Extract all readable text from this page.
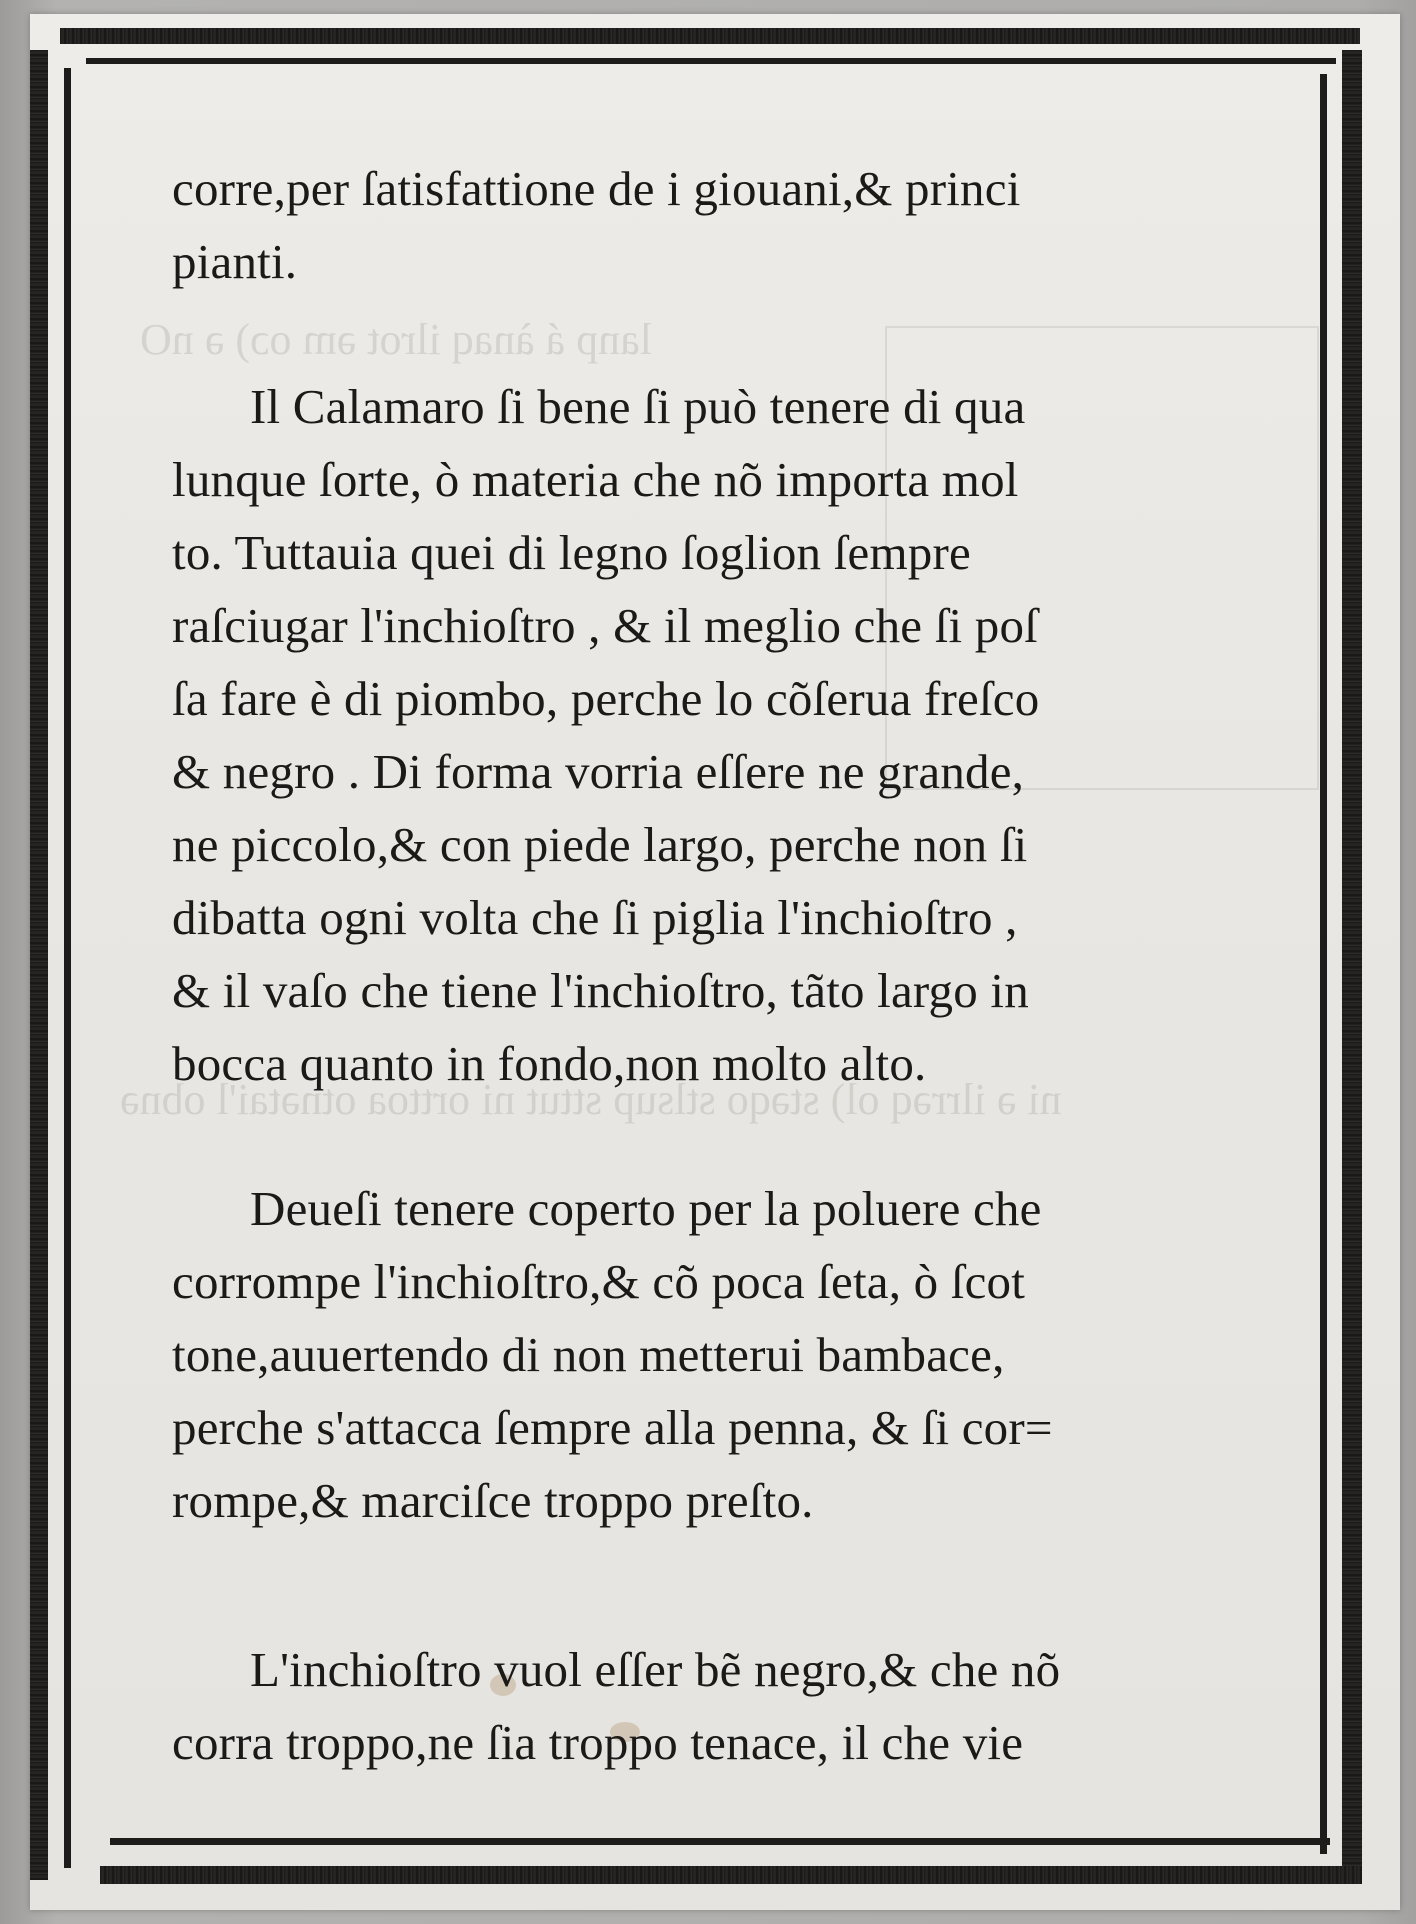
lanp á ànaq ilrot əm oɔ) ə nO
ni ə ilrrəq ol) stəqo stlsup sttut ni orttoa otnətai'l obnə
corre,per ſatisfattione de i giouani,& princi
pianti.
Il Calamaro ſi bene ſi può tenere di qua
lunque ſorte, ò materia che nõ importa mol
to. Tuttauia quei di legno ſoglion ſempre
raſciugar l'inchioſtro , & il meglio che ſi poſ
ſa fare è di piombo, perche lo cõſerua freſco
& negro . Di forma vorria eſſere ne grande,
ne piccolo,& con piede largo, perche non ſi
dibatta ogni volta che ſi piglia l'inchioſtro ,
& il vaſo che tiene l'inchioſtro, tãto largo in
bocca quanto in fondo,non molto alto.
Deueſi tenere coperto per la poluere che
corrompe l'inchioſtro,& cõ poca ſeta, ò ſcot
tone,auuertendo di non metterui bambace,
perche s'attacca ſempre alla penna, & ſi cor=
rompe,& marciſce troppo preſto.
L'inchioſtro vuol eſſer bẽ negro,& che nõ
corra troppo,ne ſia troppo tenace, il che vie
